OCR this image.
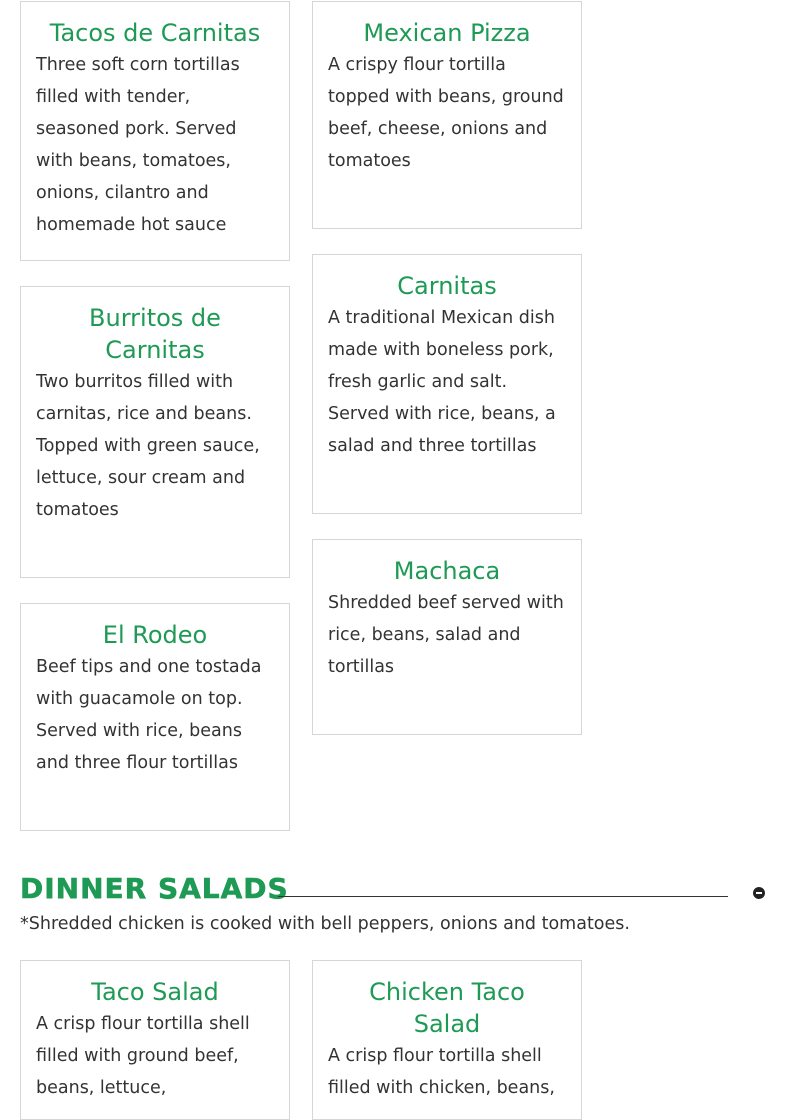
Tacos de Carnitas

Three soft corn tortillas filled with tender, seasoned pork. Served with beans, tomatoes, onions, cilantro and homemade hot sauce

Mexican Pizza

A crispy flour tortilla topped with beans, ground beef, cheese, onions and tomatoes

Carnitas

A traditional Mexican dish made with boneless pork, fresh garlic and salt. Served with rice, beans, a salad and three tortillas

Burritos de Carnitas

Two burritos filled with carnitas, rice and beans. Topped with green sauce, lettuce, sour cream and tomatoes

Machaca

Shredded beef served with rice, beans, salad and tortillas

El Rodeo

Beef tips and one tostada with guacamole on top. Served with rice, beans and three flour tortillas

DINNER SALADS

*Shredded chicken is cooked with bell peppers, onions and tomatoes.

Taco Salad

A crisp flour tortilla shell filled with ground beef, beans, lettuce,

Chicken Taco Salad

A crisp flour tortilla shell filled with chicken, beans,
